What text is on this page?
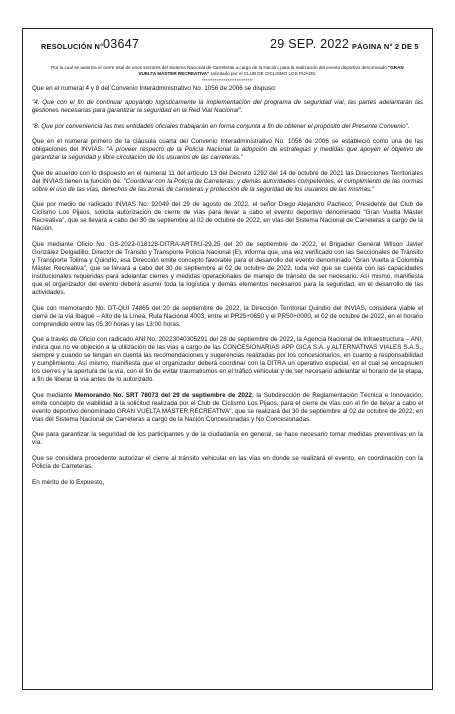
RESOLUCIÓN N° 03647	29 SEP. 2022 PÁGINA N° 2 DE 5
Por la cual se autoriza el cierre total de unos sectores del Sistema Nacional de Carreteras a cargo de la Nación, para la realización del evento deportivo denominado "GRAN VUELTA MÁSTER RECREATIVA" solicitado por el CLUB DE CICLISMO LOS PIJAOS.
****************************

Que en el numeral 4 y 8 del Convenio Interadministrativo No. 1056 de 2006 se dispuso:

"4. Que con el fin de continuar apoyando logísticamente la implementación del programa de seguridad vial, las partes adelantarán las gestiones necesarias para garantizar la seguridad en la Red Vial Nacional".

"8. Que por conveniencia las tres entidades oficiales trabajarán en forma conjunta a fin de obtener el propósito del Presente Convenio".

Que en el numeral primero de la cláusula cuarta del Convenio Interadministrativo No. 1056 de 2006 se estableció como una de las obligaciones del INVIAS: "A proveer respecto de la Policía Nacional la adopción de estrategias y medidas que apoyen el objetivo de garantizar la seguridad y libre circulación de los usuarios de las carreteras."

Que de acuerdo con lo dispuesto en el numeral 11 del artículo 13 del Decreto 1292 del 14 de octubre de 2021 las Direcciones Territoriales del INVIAS tienen la función de: "Coordinar con la Policía de Carreteras, y demás autoridades competentes, el cumplimiento de las normas sobre el uso de las vías, derechos de las zonas de carreteras y protección de la seguridad de los usuarios de las mismas."

Que por medio de radicado INVIAS No. 92049 del 29 de agosto de 2022, el señor Diego Alejandro Pacheco, Presidente del Club de Ciclismo Los Pijaos, solicita autorización de cierre de vías para llevar a cabo el evento deportivo denominado "Gran Vuelta Máster Recreativa", que se llevará a cabo del 30 de septiembre al 02 de octubre de 2022, en vías del Sistema Nacional de Carreteras a cargo de la Nación.

Que mediante Oficio No. GS-2022-018128-DITRA-ARTRU-29.25 del 20 de septiembre de 2022, el Brigadier General Wilson Javier González Delgadillo, Director de Tránsito y Transporte Policía Nacional (E), informa que, una vez verificado con las Seccionales de Tránsito y Transporte Tolima y Quindío, esa Dirección emite concepto favorable para el desarrollo del evento denominado "Gran Vuelta a Colombia Máster Recreativa", que se llevará a cabo del 30 de septiembre al 02 de octubre de 2022, toda vez que se cuenta con las capacidades institucionales requeridas para adelantar cierres y medidas operacionales de manejo de tránsito de ser necesario. Así mismo, manifiesta que el organizador del evento deberá asumir toda la logística y demás elementos necesarios para la seguridad, en el desarrollo de las actividades.

Que con memorando No. DT-QUI 74865 del 20 de septiembre de 2022, la Dirección Territorial Quindío del INVIAS, considera viable el cierre de la vía Ibagué – Alto de la Línea, Ruta Nacional 4003, entre el PR25+0650 y el PR50+0000, el 02 de octubre de 2022, en el horario comprendido entre las 05:30 horas y las 13:00 horas.

Que a través de Oficio con radicado ANI No. 20223040305291 del 28 de septiembre de 2022, la Agencia Nacional de Infraestructura – ANI, indica que no ve objeción a la utilización de las vías a cargo de las CONCESIONARIAS APP GICA S.A. y ALTERNATIVAS VIALES S.A.S., siempre y cuando se tengan en cuenta las recomendaciones y sugerencias realizadas por los concesionarios, en cuanto a responsabilidad y cumplimiento. Así mismo, manifiesta que el organizador deberá coordinar con la DITRA un operativo especial, en el cual se encapsulen los cierres y la apertura de la vía, con el fin de evitar traumatismos en el tráfico vehicular y de ser necesario adelantar el horario de la etapa, a fin de liberar la vía antes de lo autorizado.

Que mediante Memorando No. SRT 78073 del 29 de septiembre de 2022, la Subdirección de Reglamentación Técnica e Innovación, emite concepto de viabilidad a la solicitud realizada por el Club de Ciclismo Los Pijaos, para el cierre de vías con el fin de llevar a cabo el evento deportivo denominado GRAN VUELTA MÁSTER RECREATIVA", que se realizará del 30 de septiembre al 02 de octubre de 2022, en vías del Sistema Nacional de Carreteras a cargo de la Nación Concesionadas y No Concesionadas.

Que para garantizar la seguridad de los participantes y de la ciudadanía en general, se hace necesario tomar medidas preventivas en la vía.

Que se considera procedente autorizar el cierre al tránsito vehicular en las vías en donde se realizará el evento, en coordinación con la Policía de Carreteras.

En mérito de lo Expuesto,
